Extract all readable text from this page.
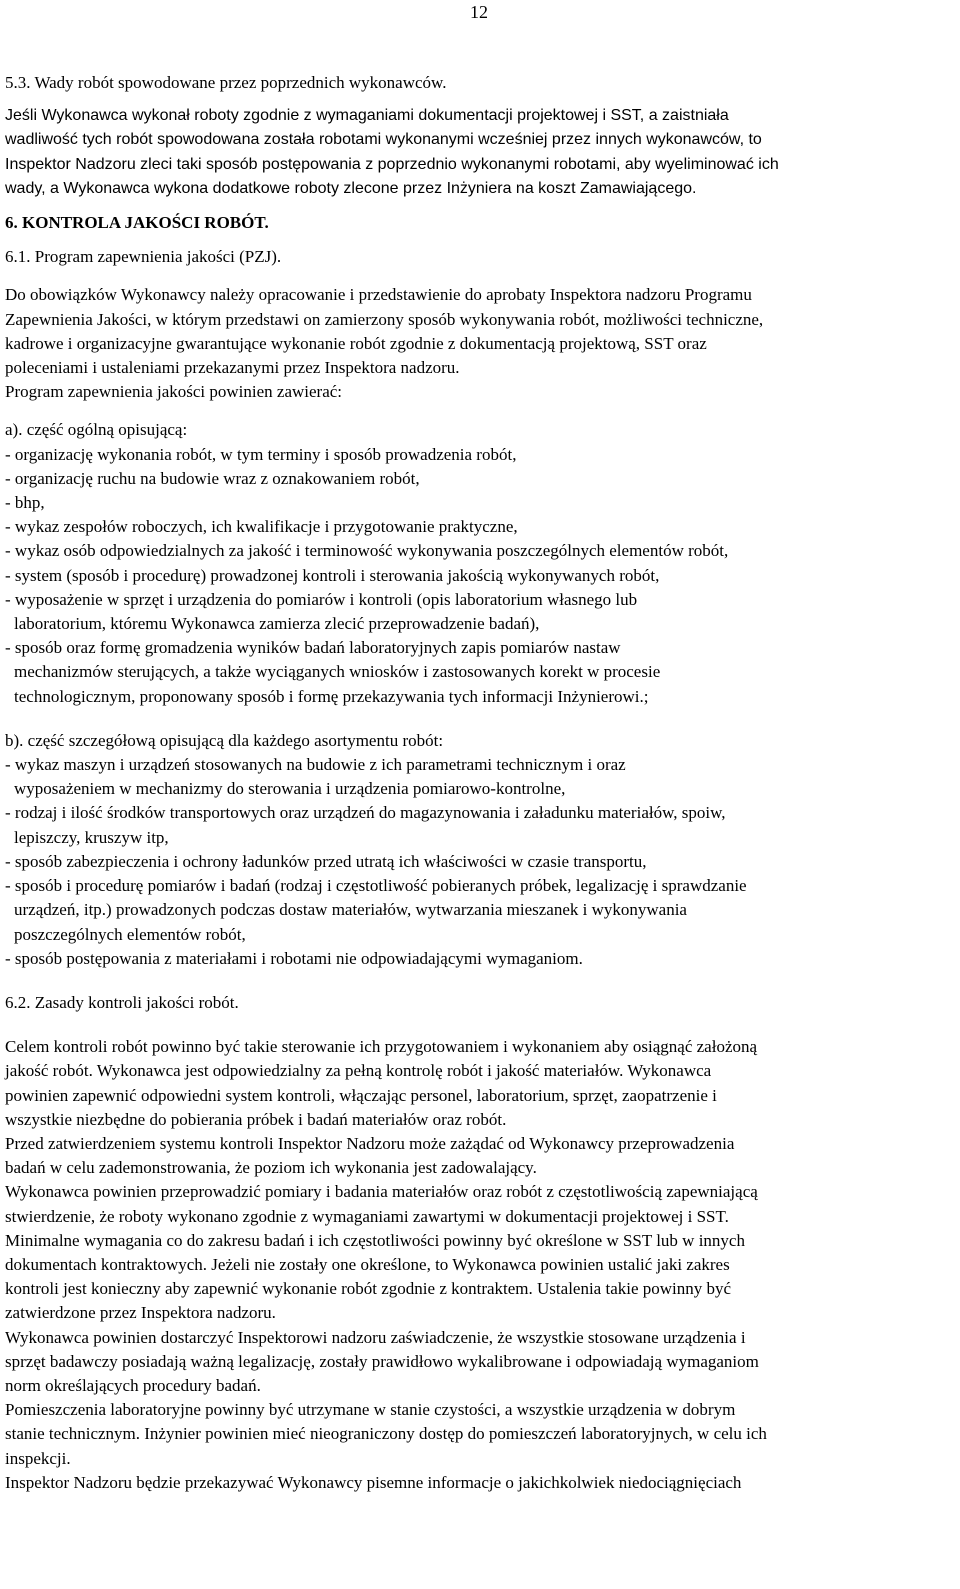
12

5.3. Wady robót spowodowane przez poprzednich wykonawców.

Jeśli Wykonawca wykonał roboty zgodnie z wymaganiami dokumentacji projektowej i SST, a zaistniała

wadliwość tych robót spowodowana została robotami wykonanymi wcześniej przez innych wykonawców, to

Inspektor Nadzoru zleci taki sposób postępowania z poprzednio wykonanymi robotami, aby wyeliminować ich

wady, a Wykonawca wykona dodatkowe roboty zlecone przez Inżyniera na koszt Zamawiającego.

6. KONTROLA JAKOŚCI ROBÓT.

6.1. Program zapewnienia jakości (PZJ).

Do obowiązków Wykonawcy należy opracowanie i przedstawienie do aprobaty Inspektora nadzoru Programu

Zapewnienia Jakości, w którym przedstawi on zamierzony sposób wykonywania robót, możliwości techniczne,

kadrowe i organizacyjne gwarantujące wykonanie robót zgodnie z dokumentacją projektową, SST oraz

poleceniami i ustaleniami przekazanymi przez Inspektora nadzoru.

Program zapewnienia jakości powinien zawierać:

a). część ogólną opisującą:

- organizację wykonania robót, w tym terminy i sposób prowadzenia robót,

- organizację ruchu na budowie wraz z oznakowaniem robót,

- bhp,

- wykaz zespołów roboczych, ich kwalifikacje i przygotowanie praktyczne,

- wykaz osób odpowiedzialnych za jakość i terminowość wykonywania poszczególnych elementów robót,

- system (sposób i procedurę) prowadzonej kontroli i sterowania jakością wykonywanych robót,

- wyposażenie w sprzęt i urządzenia do pomiarów i kontroli (opis laboratorium własnego lub

laboratorium, któremu Wykonawca zamierza zlecić przeprowadzenie badań),

- sposób oraz formę gromadzenia wyników badań laboratoryjnych zapis pomiarów nastaw

mechanizmów sterujących, a także wyciąganych wniosków i zastosowanych korekt w procesie

technologicznym, proponowany sposób i formę przekazywania tych informacji Inżynierowi.;

b). część szczegółową opisującą dla każdego asortymentu robót:

- wykaz maszyn i urządzeń stosowanych na budowie z ich parametrami technicznym i oraz

wyposażeniem w mechanizmy do sterowania i urządzenia pomiarowo-kontrolne,

- rodzaj i ilość środków transportowych oraz urządzeń do magazynowania i załadunku materiałów, spoiw,

lepiszczy, kruszyw itp,

- sposób zabezpieczenia i ochrony ładunków przed utratą ich właściwości w czasie transportu,

- sposób i procedurę pomiarów i badań (rodzaj i częstotliwość pobieranych próbek, legalizację i sprawdzanie

urządzeń, itp.) prowadzonych podczas dostaw materiałów, wytwarzania mieszanek i wykonywania

poszczególnych elementów robót,

- sposób postępowania z materiałami i robotami nie odpowiadającymi wymaganiom.

6.2. Zasady kontroli jakości robót.

Celem kontroli robót powinno być takie sterowanie ich przygotowaniem i wykonaniem aby osiągnąć założoną

jakość robót. Wykonawca jest odpowiedzialny za pełną kontrolę robót i jakość materiałów. Wykonawca

powinien zapewnić odpowiedni system kontroli, włączając personel, laboratorium, sprzęt, zaopatrzenie i

wszystkie niezbędne do pobierania próbek i badań materiałów oraz robót.

Przed zatwierdzeniem systemu kontroli Inspektor Nadzoru może zażądać od Wykonawcy przeprowadzenia

badań w celu zademonstrowania, że poziom ich wykonania jest zadowalający.

Wykonawca powinien przeprowadzić pomiary i badania materiałów oraz robót z częstotliwością zapewniającą

stwierdzenie, że roboty wykonano zgodnie z wymaganiami zawartymi w dokumentacji projektowej i SST.

Minimalne wymagania co do zakresu badań i ich częstotliwości powinny być określone w SST lub w innych

dokumentach kontraktowych. Jeżeli nie zostały one określone, to Wykonawca powinien ustalić jaki zakres

kontroli jest konieczny aby zapewnić wykonanie robót zgodnie z kontraktem. Ustalenia takie powinny być

zatwierdzone przez Inspektora nadzoru.

Wykonawca powinien dostarczyć Inspektorowi nadzoru zaświadczenie, że wszystkie stosowane urządzenia i

sprzęt badawczy posiadają ważną legalizację, zostały prawidłowo wykalibrowane i odpowiadają wymaganiom

norm określających procedury badań.

Pomieszczenia laboratoryjne powinny być utrzymane w stanie czystości, a wszystkie urządzenia w dobrym

stanie technicznym. Inżynier powinien mieć nieograniczony dostęp do pomieszczeń laboratoryjnych, w celu ich

inspekcji.

Inspektor Nadzoru będzie przekazywać Wykonawcy pisemne informacje o jakichkolwiek niedociągnięciach
